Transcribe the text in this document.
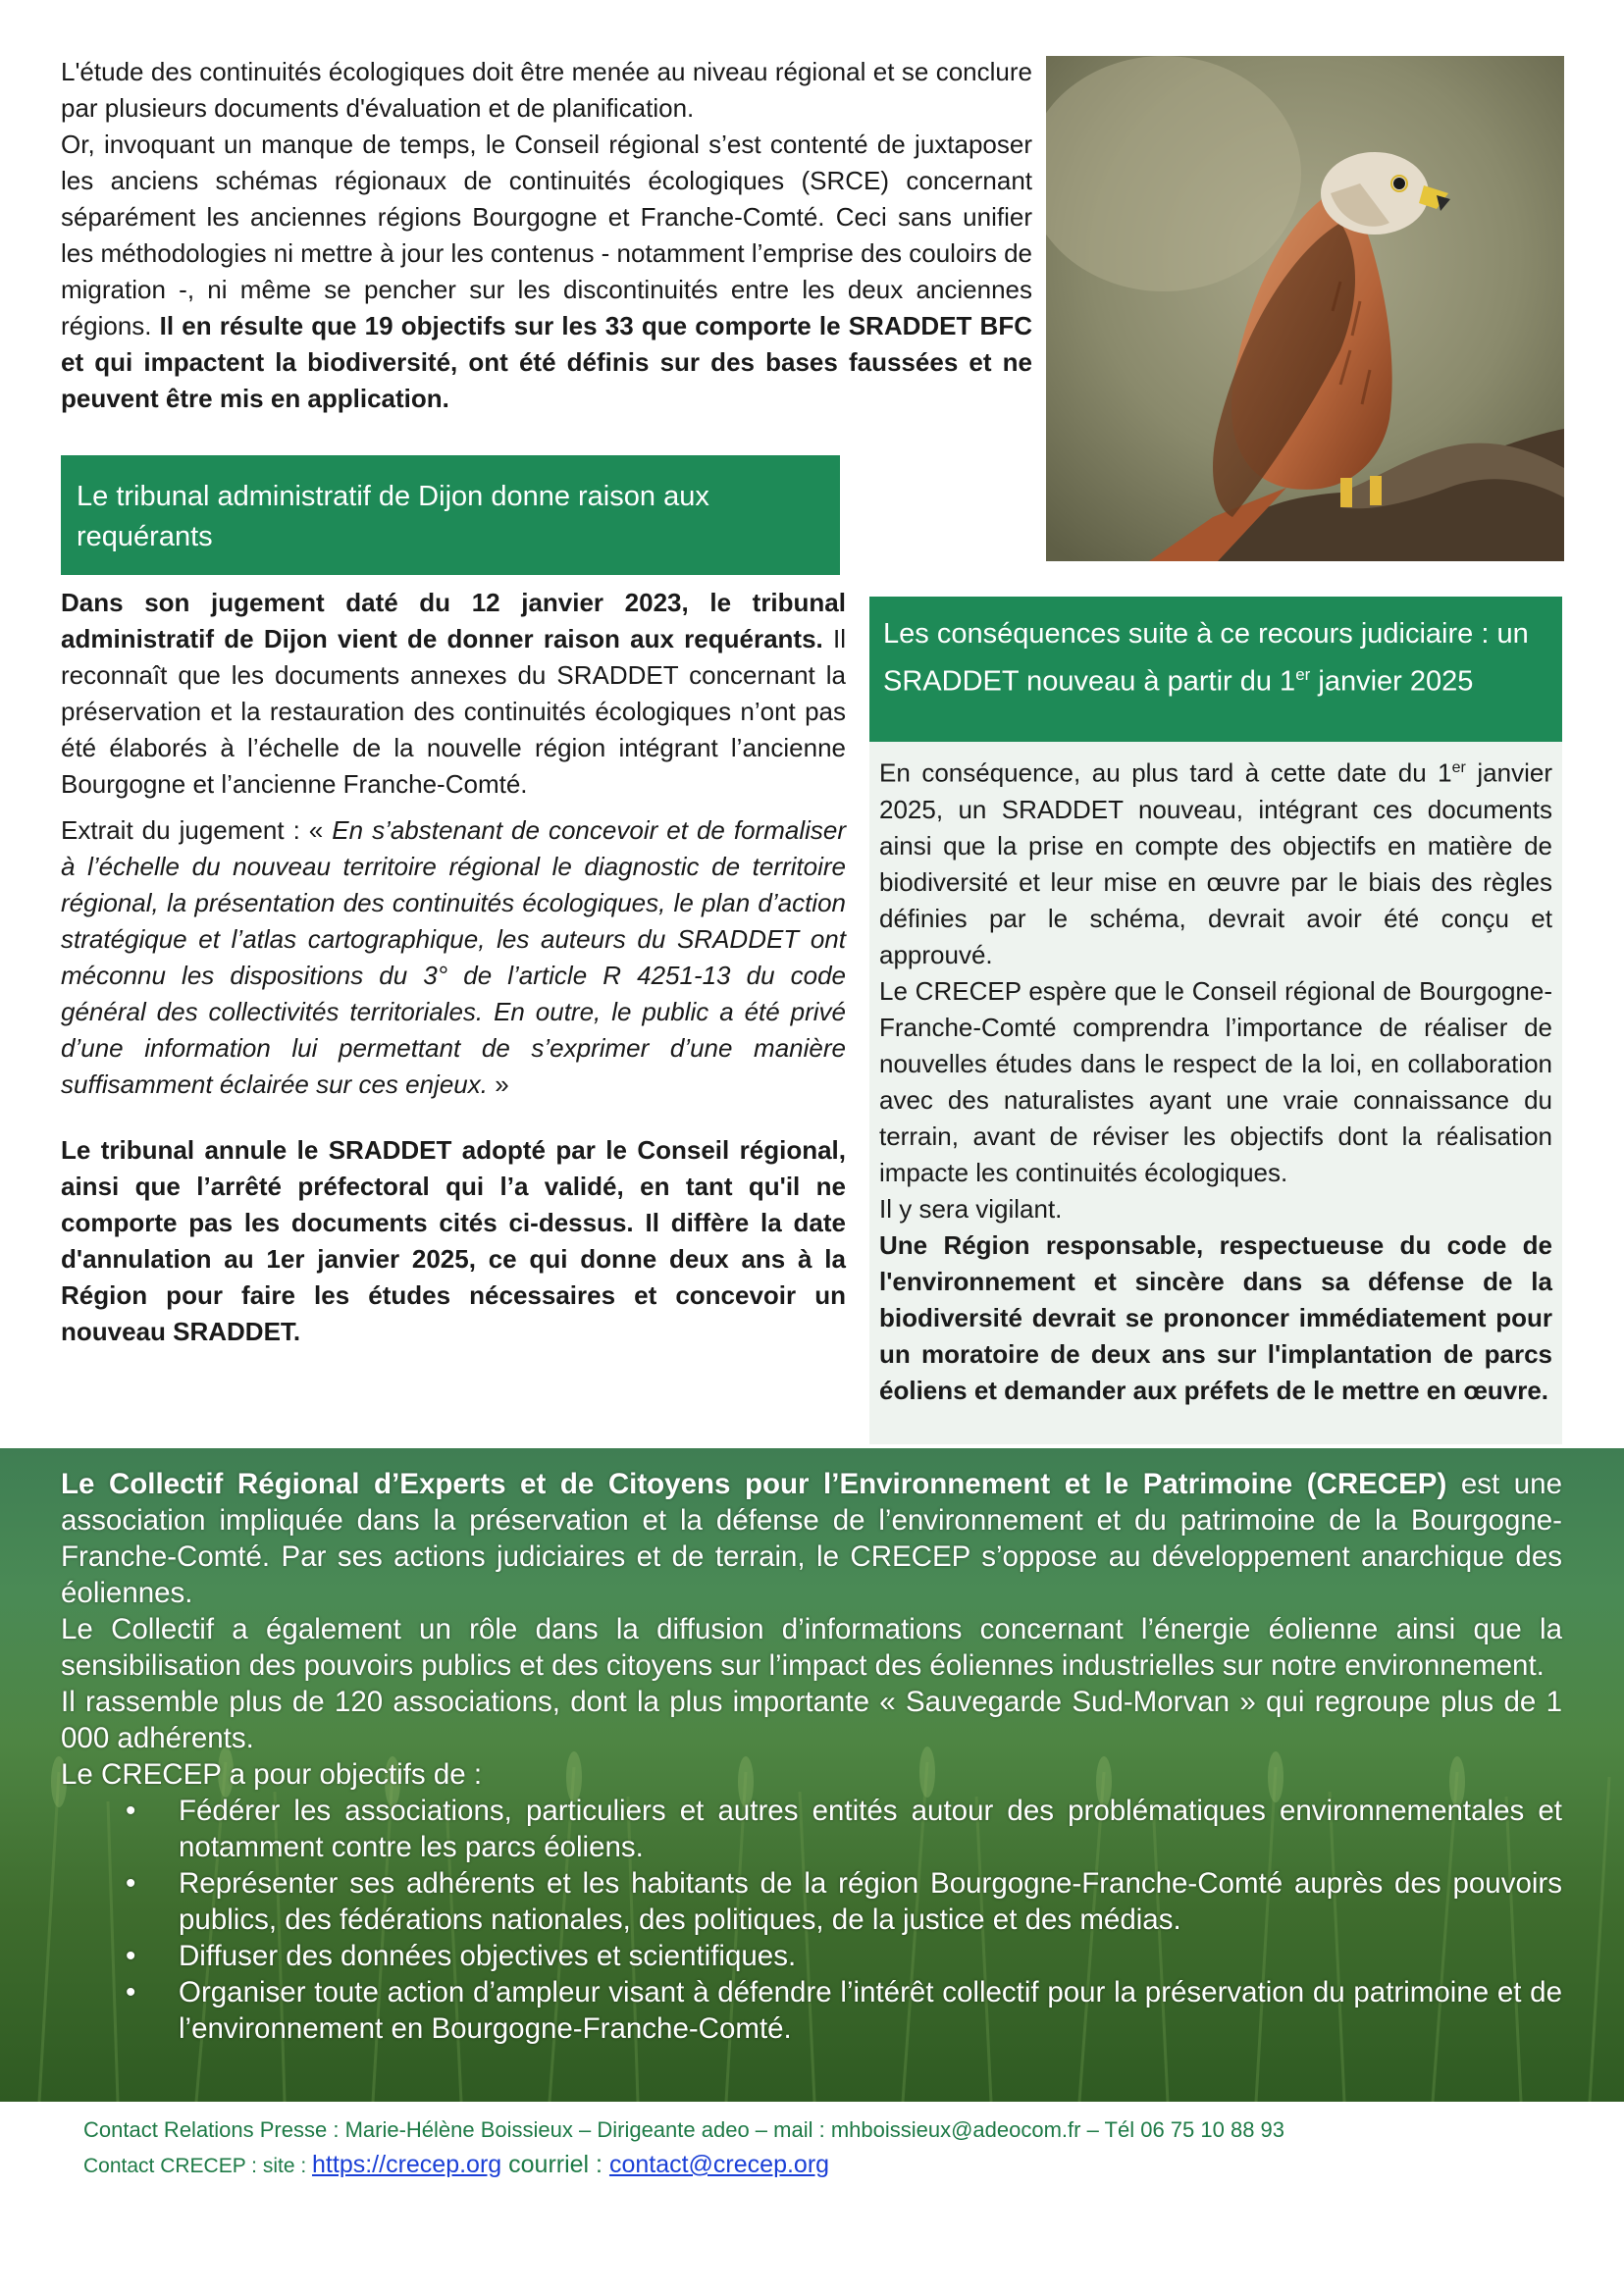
L'étude des continuités écologiques doit être menée au niveau régional et se conclure par plusieurs documents d'évaluation et de planification.

Or, invoquant un manque de temps, le Conseil régional s’est contenté de juxtaposer les anciens schémas régionaux de continuités écologiques (SRCE) concernant séparément les anciennes régions Bourgogne et Franche-Comté. Ceci sans unifier les méthodologies ni mettre à jour les contenus - notamment l’emprise des couloirs de migration -, ni même se pencher sur les discontinuités entre les deux anciennes régions. Il en résulte que 19 objectifs sur les 33 que comporte le SRADDET BFC et qui impactent la biodiversité, ont été définis sur des bases faussées et ne peuvent être mis en application.

Le tribunal administratif de Dijon donne raison aux requérants

Dans son jugement daté du 12 janvier 2023, le tribunal administratif de Dijon vient de donner raison aux requérants. Il reconnaît que les documents annexes du SRADDET concernant la préservation et la restauration des continuités écologiques n’ont pas été élaborés à l’échelle de la nouvelle région intégrant l’ancienne Bourgogne et l’ancienne Franche-Comté.

Extrait du jugement : « En s’abstenant de concevoir et de formaliser à l’échelle du nouveau territoire régional le diagnostic de territoire régional, la présentation des continuités écologiques, le plan d’action stratégique et l’atlas cartographique, les auteurs du SRADDET ont méconnu les dispositions du 3° de l’article R 4251-13 du code général des collectivités territoriales. En outre, le public a été privé d’une information lui permettant de s’exprimer d’une manière suffisamment éclairée sur ces enjeux. »

Le tribunal annule le SRADDET adopté par le Conseil régional, ainsi que l’arrêté préfectoral qui l’a validé, en tant qu'il ne comporte pas les documents cités ci-dessus. Il diffère la date d'annulation au 1er janvier 2025, ce qui donne deux ans à la Région pour faire les études nécessaires et concevoir un nouveau SRADDET.

Les conséquences suite à ce recours judiciaire : un SRADDET nouveau à partir du 1er janvier 2025

En conséquence, au plus tard à cette date du 1er janvier 2025, un SRADDET nouveau, intégrant ces documents ainsi que la prise en compte des objectifs en matière de biodiversité et leur mise en œuvre par le biais des règles définies par le schéma, devrait avoir été conçu et approuvé.

Le CRECEP espère que le Conseil régional de Bourgogne-Franche-Comté comprendra l’importance de réaliser de nouvelles études dans le respect de la loi, en collaboration avec des naturalistes ayant une vraie connaissance du terrain, avant de réviser les objectifs dont la réalisation impacte les continuités écologiques.

Il y sera vigilant.

Une Région responsable, respectueuse du code de l'environnement et sincère dans sa défense de la biodiversité devrait se prononcer immédiatement pour un moratoire de deux ans sur l'implantation de parcs éoliens et demander aux préfets de le mettre en œuvre.

Le Collectif Régional d’Experts et de Citoyens pour l’Environnement et le Patrimoine (CRECEP) est une association impliquée dans la préservation et la défense de l’environnement et du patrimoine de la Bourgogne-Franche-Comté. Par ses actions judiciaires et de terrain, le CRECEP s’oppose au développement anarchique des éoliennes.

Le Collectif a également un rôle dans la diffusion d’informations concernant l’énergie éolienne ainsi que la sensibilisation des pouvoirs publics et des citoyens sur l’impact des éoliennes industrielles sur notre environnement.

Il rassemble plus de 120 associations, dont la plus importante « Sauvegarde Sud-Morvan » qui regroupe plus de 1 000 adhérents.

Le CRECEP a pour objectifs de :

• Fédérer les associations, particuliers et autres entités autour des problématiques environnementales et notamment contre les parcs éoliens.
• Représenter ses adhérents et les habitants de la région Bourgogne-Franche-Comté auprès des pouvoirs publics, des fédérations nationales, des politiques, de la justice et des médias.
• Diffuser des données objectives et scientifiques.
• Organiser toute action d’ampleur visant à défendre l’intérêt collectif pour la préservation du patrimoine et de l’environnement en Bourgogne-Franche-Comté.
Contact Relations Presse : Marie-Hélène Boissieux – Dirigeante adeo – mail : mhboissieux@adeocom.fr – Tél 06 75 10 88 93
Contact CRECEP : site : https://crecep.org courriel : contact@crecep.org
